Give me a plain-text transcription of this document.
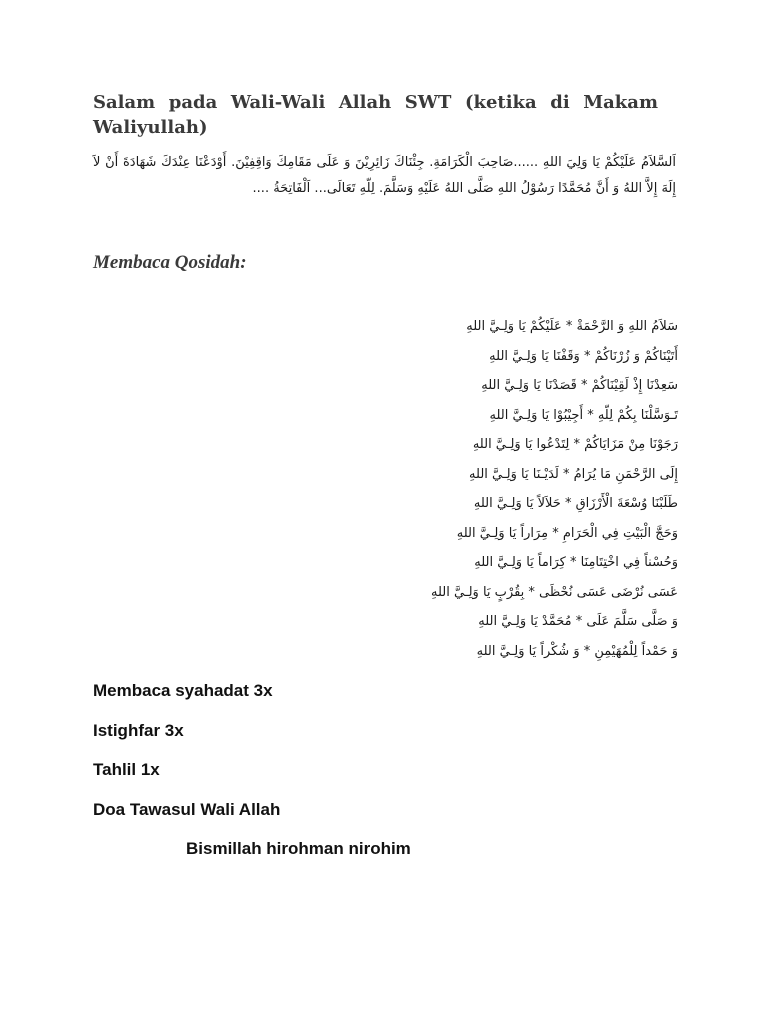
Salam pada Wali-Wali Allah SWT (ketika di Makam Waliyullah)

اَلسَّلاَمُ عَلَيْكُمْ يَا وَلِيَ اللهِ ......صَاحِبَ الْكَرَامَةِ. جِئْنَاكَ زَائِرِيْنَ وَ عَلَى مَقَامِكَ وَاقِفِيْنَ. أَوْدَعْنَا عِنْدَكَ شَهَادَةَ أَنْ لاَ إِلَهَ إِلاَّ اللهُ وَ أَنَّ مُحَمَّدًا رَسُوْلُ اللهِ صَلَّى اللهُ عَلَيْهِ وَسَلَّمَ. لِلّهِ تَعَالَى... اَلْفَاتِحَةُ ....

Membaca Qosidah:
سَلاَمُ اللهِ وَ الرَّحْمَةْ * عَلَيْكُمْ يَا وَلِـيَّ اللهِ
أَتَيْنَاكُمْ وَ زُرْنَاكُمْ * وَقَفْنَا يَا وَلِـيَّ اللهِ
سَعِدْنَا إِذْ لَقِيْنَاكُمْ * قَصَدْنَا يَا وَلِـيَّ اللهِ
تَـوَسَّلْنَا بِكُمْ لِلّهِ * أَجِيْبُوْا يَا وَلِـيَّ اللهِ
رَجَوْنَا مِنْ مَزَايَاكُمْ * لِتَدْعُوا يَا وَلِـيَّ اللهِ
إِلَى الرَّحْمَنِ مَا يُرَامُ * لَدَيْـنَا يَا وَلِـيَّ اللهِ
طَلَبْنَا وُسْعَةَ الْأَرْزَاقِ * حَلاَلاً يَا وَلِـيَّ اللهِ
وَحَجَّ الْبَيْتِ فِي الْحَرَامِ * مِرَاراً يَا وَلِـيَّ اللهِ
وَحُسْناً فِي اخْتِتَامِنَا * كِرَاماً يَا وَلِـيَّ اللهِ
عَسَى نُرْضَى عَسَى نُحْظَى * بِقُرْبٍ يَا وَلِـيَّ اللهِ
وَ صَلَّى سَلَّمَ عَلَى * مُحَمَّدْ يَا وَلِـيَّ اللهِ
وَ حَمْداً لِلْمُهَيْمِنِ * وَ شُكْراً يَا وَلِـيَّ اللهِ
Membaca syahadat 3x
Istighfar 3x
Tahlil 1x
Doa Tawasul Wali Allah

Bismillah hirohman nirohim
